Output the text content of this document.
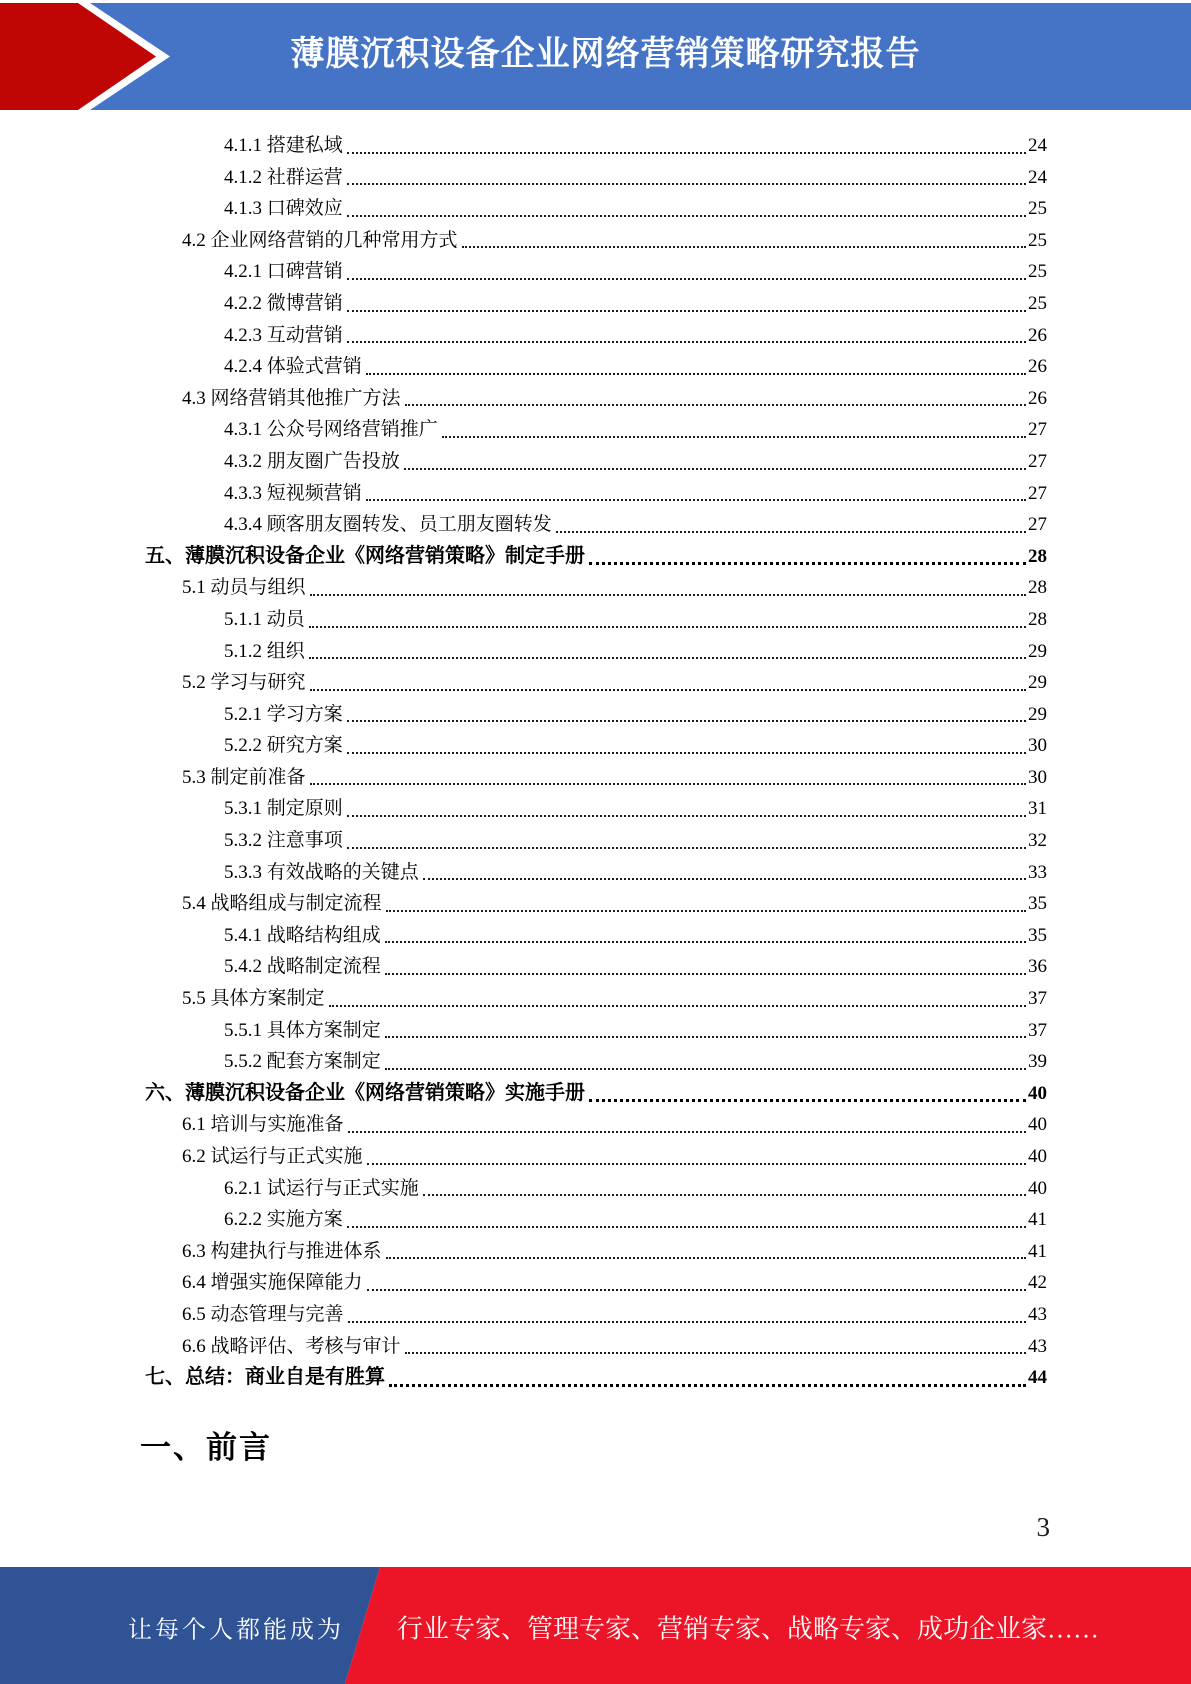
薄膜沉积设备企业网络营销策略研究报告
4.1.1 搭建私域	24
4.1.2 社群运营	24
4.1.3 口碑效应	25
4.2 企业网络营销的几种常用方式	25
4.2.1 口碑营销	25
4.2.2 微博营销	25
4.2.3 互动营销	26
4.2.4 体验式营销	26
4.3 网络营销其他推广方法	26
4.3.1 公众号网络营销推广	27
4.3.2 朋友圈广告投放	27
4.3.3 短视频营销	27
4.3.4 顾客朋友圈转发、员工朋友圈转发	27
五、薄膜沉积设备企业《网络营销策略》制定手册	28
5.1 动员与组织	28
5.1.1 动员	28
5.1.2 组织	29
5.2 学习与研究	29
5.2.1 学习方案	29
5.2.2 研究方案	30
5.3 制定前准备	30
5.3.1 制定原则	31
5.3.2 注意事项	32
5.3.3 有效战略的关键点	33
5.4 战略组成与制定流程	35
5.4.1 战略结构组成	35
5.4.2 战略制定流程	36
5.5 具体方案制定	37
5.5.1 具体方案制定	37
5.5.2 配套方案制定	39
六、薄膜沉积设备企业《网络营销策略》实施手册	40
6.1 培训与实施准备	40
6.2 试运行与正式实施	40
6.2.1 试运行与正式实施	40
6.2.2 实施方案	41
6.3 构建执行与推进体系	41
6.4 增强实施保障能力	42
6.5 动态管理与完善	43
6.6 战略评估、考核与审计	43
七、总结：商业自是有胜算	44
一、前言
3
让每个人都能成为 行业专家、管理专家、营销专家、战略专家、成功企业家……
